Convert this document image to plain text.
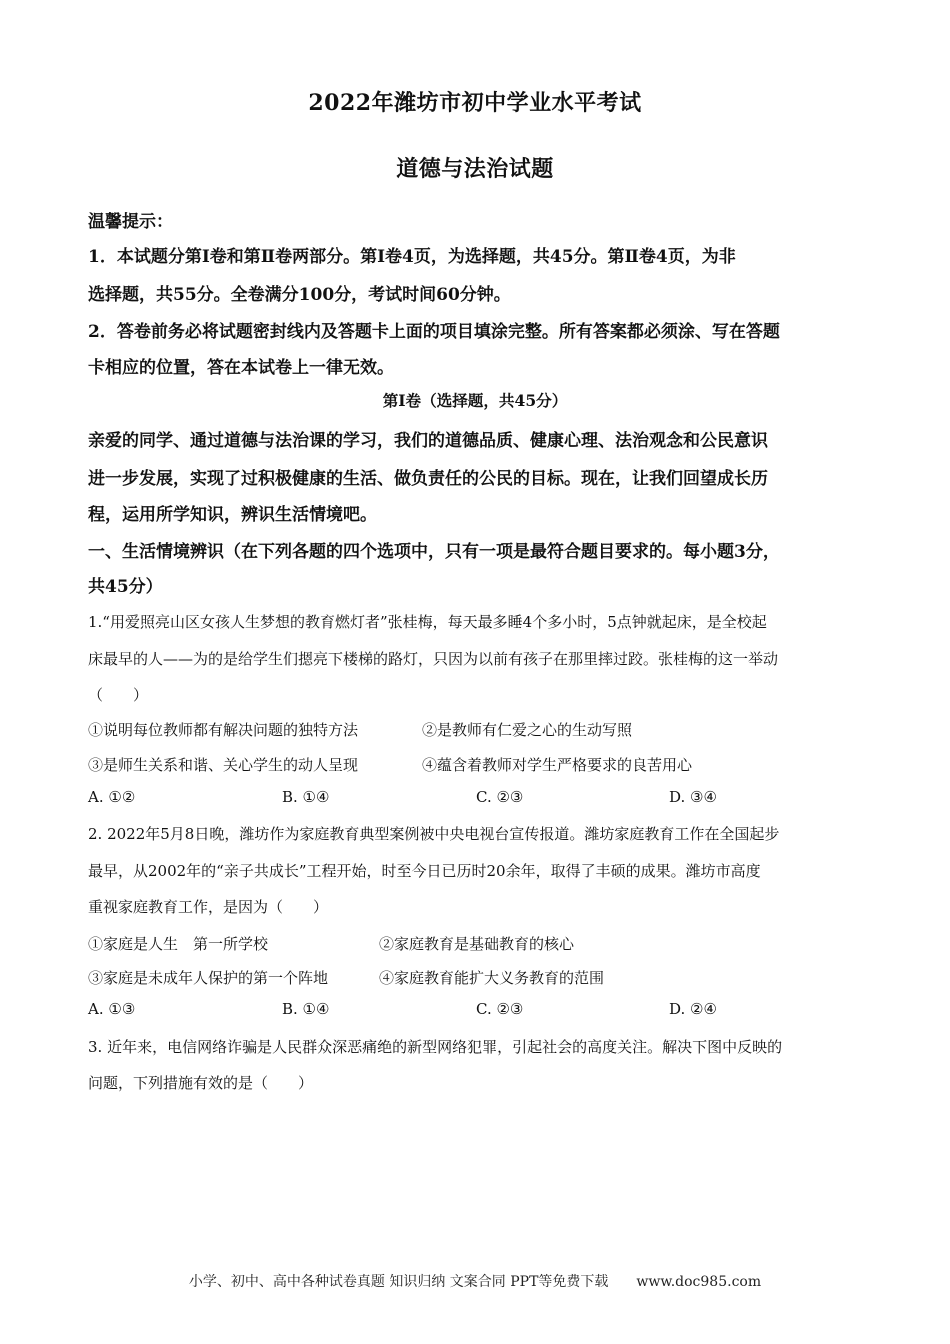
2022年潍坊市初中学业水平考试
道德与法治试题
温馨提示：
1．本试题分第Ⅰ卷和第Ⅱ卷两部分。第Ⅰ卷4页，为选择题，共45分。第Ⅱ卷4页，为非
选择题，共55分。全卷满分100分，考试时间60分钟。
2．答卷前务必将试题密封线内及答题卡上面的项目填涂完整。所有答案都必须涂、写在答题
卡相应的位置，答在本试卷上一律无效。
第Ⅰ卷（选择题，共45分）
亲爱的同学、通过道德与法治课的学习，我们的道德品质、健康心理、法治观念和公民意识
进一步发展，实现了过积极健康的生活、做负责任的公民的目标。现在，让我们回望成长历
程，运用所学知识，辨识生活情境吧。
一、生活情境辨识（在下列各题的四个选项中，只有一项是最符合题目要求的。每小题3分，
共45分）
1.“用爱照亮山区女孩人生梦想的教育燃灯者”张桂梅，每天最多睡4个多小时，5点钟就起床，是全校起
床最早的人——为的是给学生们摁亮下楼梯的路灯，只因为以前有孩子在那里摔过跤。张桂梅的这一举动
（　　）
①说明每位教师都有解决问题的独特方法	②是教师有仁爱之心的生动写照
③是师生关系和谐、关心学生的动人呈现	④蕴含着教师对学生严格要求的良苦用心
A. ①②	B. ①④	C. ②③	D. ③④
2. 2022年5月8日晚，潍坊作为家庭教育典型案例被中央电视台宣传报道。潍坊家庭教育工作在全国起步
最早，从2002年的“亲子共成长”工程开始，时至今日已历时20余年，取得了丰硕的成果。潍坊市高度
重视家庭教育工作，是因为（　　）
①家庭是人生　第一所学校	②家庭教育是基础教育的核心
③家庭是未成年人保护的第一个阵地	④家庭教育能扩大义务教育的范围
A. ①③	B. ①④	C. ②③	D. ②④
3. 近年来，电信网络诈骗是人民群众深恶痛绝的新型网络犯罪，引起社会的高度关注。解决下图中反映的
问题，下列措施有效的是（　　）
小学、初中、高中各种试卷真题 知识归纳 文案合同 PPT等免费下载 www.doc985.com
